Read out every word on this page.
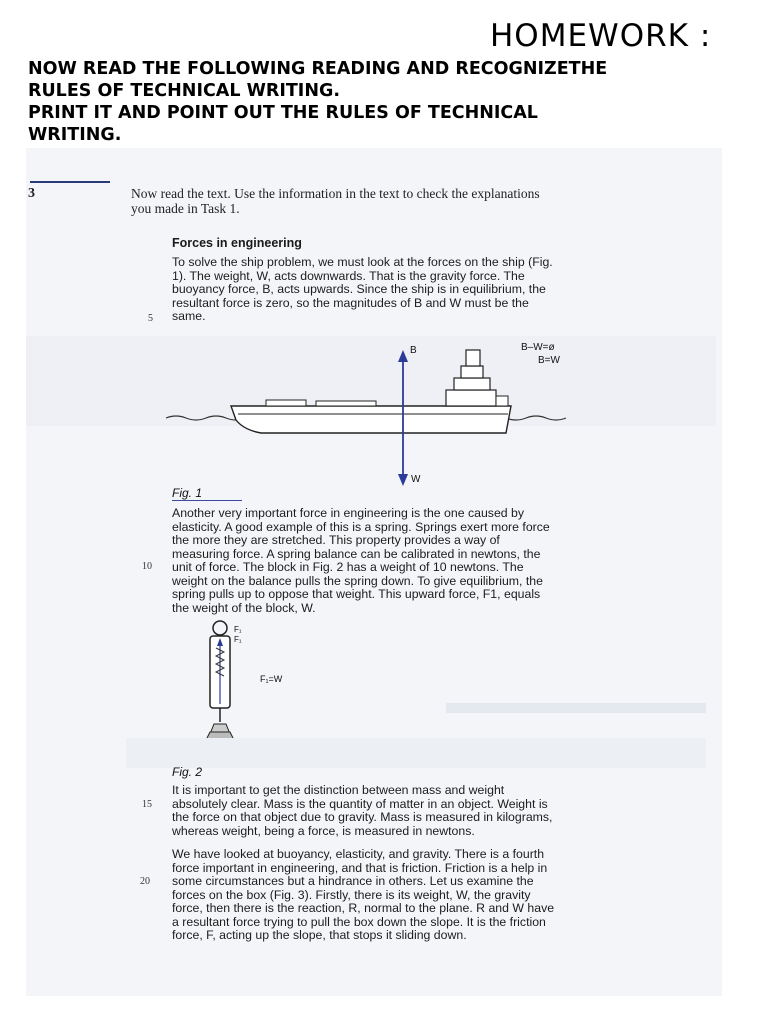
HOMEWORK :
NOW READ THE FOLLOWING READING AND RECOGNIZETHE
RULES OF TECHNICAL WRITING.
PRINT IT AND POINT OUT THE RULES OF TECHNICAL
WRITING.
3	Now read the text. Use the information in the text to check the explanations
you made in Task 1.
Forces in engineering
To solve the ship problem, we must look at the forces on the ship (Fig.
1). The weight, W, acts downwards. That is the gravity force. The
buoyancy force, B, acts upwards. Since the ship is in equilibrium, the
resultant force is zero, so the magnitudes of B and W must be the
same.
5
B
W
B–W=ø
B=W
Fig. 1
Another very important force in engineering is the one caused by
elasticity. A good example of this is a spring. Springs exert more force
the more they are stretched. This property provides a way of
measuring force. A spring balance can be calibrated in newtons, the
unit of force. The block in Fig. 2 has a weight of 10 newtons. The
weight on the balance pulls the spring down. To give equilibrium, the
spring pulls up to oppose that weight. This upward force, F1, equals
the weight of the block, W.
10
F₁
F₁
F₁=W
Fig. 2
It is important to get the distinction between mass and weight
absolutely clear. Mass is the quantity of matter in an object. Weight is
the force on that object due to gravity. Mass is measured in kilograms,
whereas weight, being a force, is measured in newtons.
15
We have looked at buoyancy, elasticity, and gravity. There is a fourth
force important in engineering, and that is friction. Friction is a help in
some circumstances but a hindrance in others. Let us examine the
forces on the box (Fig. 3). Firstly, there is its weight, W, the gravity
force, then there is the reaction, R, normal to the plane. R and W have
a resultant force trying to pull the box down the slope. It is the friction
force, F, acting up the slope, that stops it sliding down.
20
